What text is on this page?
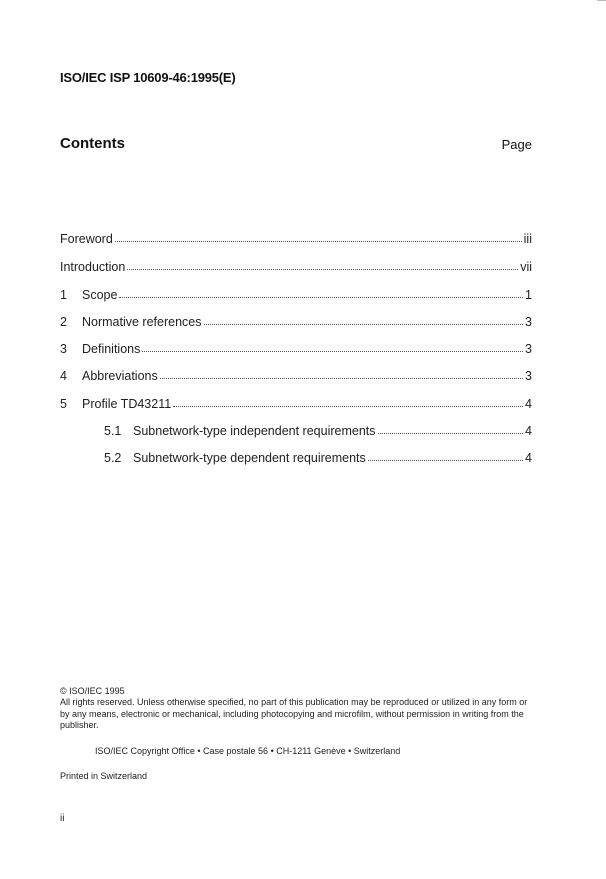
ISO/IEC ISP 10609-46:1995(E)
Contents	Page
Foreword	iii
Introduction	vii
1	Scope	1
2	Normative references	3
3	Definitions	3
4	Abbreviations	3
5	Profile TD43211	4
5.1 Subnetwork-type independent requirements	4
5.2 Subnetwork-type dependent requirements	4
© ISO/IEC 1995
All rights reserved. Unless otherwise specified, no part of this publication may be reproduced or utilized in any form or by any means, electronic or mechanical, including photocopying and microfilm, without permission in writing from the publisher.
ISO/IEC Copyright Office • Case postale 56 • CH-1211 Genève • Switzerland
Printed in Switzerland
ii
